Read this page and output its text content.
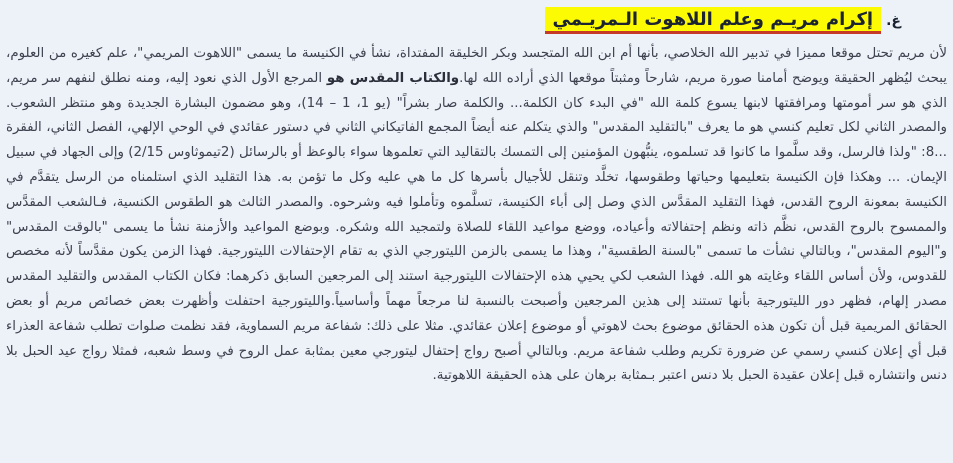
غ.إكرام مريـم وعلم اللاهوت الـمريـمي

لأن مريم تحتل موقعا مميزا في تدبير الله الخلاصي، بأنها أم ابن الله المتجسد وبكر الخليقة المفتداة، نشأ في الكنيسة ما يسمى "اللاهوت المريمي"، علم كغيره من العلوم، يبحث ليُظهر الحقيقة ويوضح أمامنا صورة مريم، شارحاً ومثبتاً موقعها الذي أراده الله لها.والكتاب المقدس هو المرجع الأول الذي نعود إليه، ومنه نطلق لنفهم سر مريم، الذي هو سر أمومتها ومرافقتها لابنها يسوع كلمة الله "في البدء كان الكلمة... والكلمة صار بشراً" (يو 1، 1 – 14)، وهو مضمون البشارة الجديدة وهو منتظر الشعوب. والمصدر الثاني لكل تعليم كنسي هو ما يعرف "بالتقليد المقدس" والذي يتكلم عنه أيضاً المجمع الفاتيكاني الثاني في دستور عقائدي في الوحي الإلهي، الفصل الثاني، الفقرة ...8: "ولذا فالرسل، وقد سلَّموا ما كانوا قد تسلموه، ينبُّهون المؤمنين إلى التمسك بالتقاليد التي تعلموها سواء بالوعظ أو بالرسائل (2تيموثاوس 2/15) وإلى الجهاد في سبيل الإيمان. ... وهكذا فإن الكنيسة بتعليمها وحياتها وطقوسها، تخلَّد وتنقل للأجيال بأسرها كل ما هي عليه وكل ما تؤمن به. هذا التقليد الذي استلمناه من الرسل يتقدَّم في الكنيسة بمعونة الروح القدس، فهذا التقليد المقدَّس الذي وصل إلى أباء الكنيسة، تسلَّموه وتأملوا فيه وشرحوه. والمصدر الثالث هو الطقوس الكنسية، فـالشعب المقدَّس والممسوح بالروح القدس، نظَّم ذاته ونظم إحتفالاته وأعياده، ووضع مواعيد اللقاء للصلاة ولتمجيد الله وشكره. وبوضع المواعيد والأزمنة نشأ ما يسمى "بالوقت المقدس" و"اليوم المقدس"، وبالتالي نشأت ما تسمى "بالسنة الطقسية"، وهذا ما يسمى بالزمن الليتورجي الذي به تقام الإحتفالات الليتورجية. فهذا الزمن يكون مقدَّساً لأنه مخصص للقدوس، ولأن أساس اللقاء وغايته هو الله. فهذا الشعب لكي يحيي هذه الإحتفالات الليتورجية استند إلى المرجعين السابق ذكرهما: فكان الكتاب المقدس والتقليد المقدس مصدر إلهام، فظهر دور الليتورجية بأنها تستند إلى هذين المرجعين وأصبحت بالنسبة لنا مرجعاً مهماً وأساسياً.والليتورجية احتفلت وأظهرت بعض خصائص مريم أو بعض الحقائق المريمية قبل أن تكون هذه الحقائق موضوع بحث لاهوتي أو موضوع إعلان عقائدي. مثلا على ذلك: شفاعة مريم السماوية، فقد نظمت صلوات تطلب شفاعة العذراء قبل أي إعلان كنسي رسمي عن ضرورة تكريم وطلب شفاعة مريم. وبالتالي أصبح رواج إحتفال ليتورجي معين بمثابة عمل الروح في وسط شعبه، فمثلا رواج عيد الحبل بلا دنس وانتشاره قبل إعلان عقيدة الحبل بلا دنس اعتبر بـمثابة برهان على هذه الحقيقة اللاهوتية.
